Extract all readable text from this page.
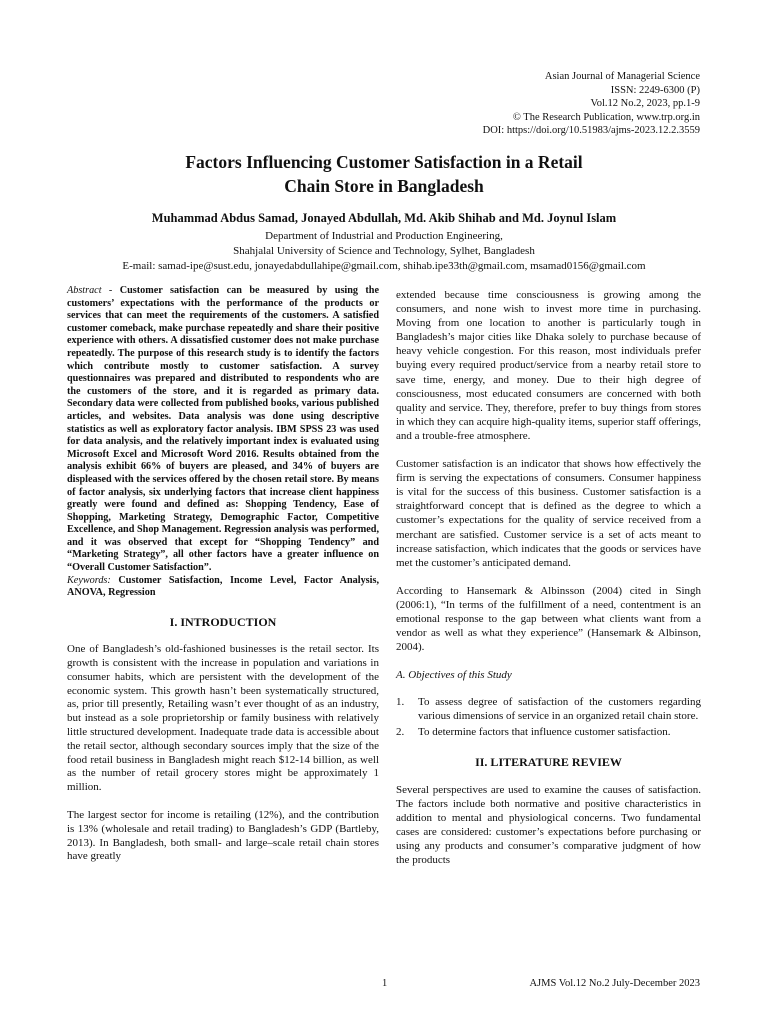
Asian Journal of Managerial Science
ISSN: 2249-6300 (P)
Vol.12 No.2, 2023, pp.1-9
© The Research Publication, www.trp.org.in
DOI: https://doi.org/10.51983/ajms-2023.12.2.3559
Factors Influencing Customer Satisfaction in a Retail
Chain Store in Bangladesh
Muhammad Abdus Samad, Jonayed Abdullah, Md. Akib Shihab and Md. Joynul Islam
Department of Industrial and Production Engineering,
Shahjalal University of Science and Technology, Sylhet, Bangladesh
E-mail: samad-ipe@sust.edu, jonayedabdullahipe@gmail.com, shihab.ipe33th@gmail.com, msamad0156@gmail.com
Abstract - Customer satisfaction can be measured by using the customers’ expectations with the performance of the products or services that can meet the requirements of the customers. A satisfied customer comeback, make purchase repeatedly and share their positive experience with others. A dissatisfied customer does not make purchase repeatedly. The purpose of this research study is to identify the factors which contribute mostly to customer satisfaction. A survey questionnaires was prepared and distributed to respondents who are the customers of the store, and it is regarded as primary data. Secondary data were collected from published books, various published articles, and websites. Data analysis was done using descriptive statistics as well as exploratory factor analysis. IBM SPSS 23 was used for data analysis, and the relatively important index is evaluated using Microsoft Excel and Microsoft Word 2016. Results obtained from the analysis exhibit 66% of buyers are pleased, and 34% of buyers are displeased with the services offered by the chosen retail store. By means of factor analysis, six underlying factors that increase client happiness greatly were found and defined as: Shopping Tendency, Ease of Shopping, Marketing Strategy, Demographic Factor, Competitive Excellence, and Shop Management. Regression analysis was performed, and it was observed that except for “Shopping Tendency” and “Marketing Strategy”, all other factors have a greater influence on “Overall Customer Satisfaction”.
Keywords: Customer Satisfaction, Income Level, Factor Analysis, ANOVA, Regression
I. INTRODUCTION

One of Bangladesh’s old-fashioned businesses is the retail sector. Its growth is consistent with the increase in population and variations in consumer habits, which are persistent with the development of the economic system. This growth hasn’t been systematically structured, as, prior till presently, Retailing wasn’t ever thought of as an industry, but instead as a sole proprietorship or family business with relatively little structured development. Inadequate trade data is accessible about the retail sector, although secondary sources imply that the size of the food retail business in Bangladesh might reach $12-14 billion, as well as the number of retail grocery stores might be approximately 1 million.

The largest sector for income is retailing (12%), and the contribution is 13% (wholesale and retail trading) to Bangladesh’s GDP (Bartleby, 2013). In Bangladesh, both small- and large–scale retail chain stores have greatly

extended because time consciousness is growing among the consumers, and none wish to invest more time in purchasing. Moving from one location to another is particularly tough in Bangladesh’s major cities like Dhaka solely to purchase because of heavy vehicle congestion. For this reason, most individuals prefer buying every required product/service from a nearby retail store to save time, energy, and money. Due to their high degree of consciousness, most educated consumers are concerned with both quality and service. They, therefore, prefer to buy things from stores in which they can acquire high-quality items, superior staff offerings, and a trouble-free atmosphere.

Customer satisfaction is an indicator that shows how effectively the firm is serving the expectations of consumers. Consumer happiness is vital for the success of this business. Customer satisfaction is a straightforward concept that is defined as the degree to which a customer’s expectations for the quality of service received from a merchant are satisfied. Customer service is a set of acts meant to increase satisfaction, which indicates that the goods or services have met the customer’s anticipated demand.

According to Hansemark & Albinsson (2004) cited in Singh (2006:1), “In terms of the fulfillment of a need, contentment is an emotional response to the gap between what clients want from a vendor as well as what they experience” (Hansemark & Albinson, 2004).

A. Objectives of this Study
1.	To assess degree of satisfaction of the customers regarding various dimensions of service in an organized retail chain store.
2.	To determine factors that influence customer satisfaction.
II. LITERATURE REVIEW

Several perspectives are used to examine the causes of satisfaction. The factors include both normative and positive characteristics in addition to mental and physiological concerns. Two fundamental cases are considered: customer’s expectations before purchasing or using any products and consumer’s comparative judgment of how the products

1	AJMS Vol.12 No.2 July-December 2023
